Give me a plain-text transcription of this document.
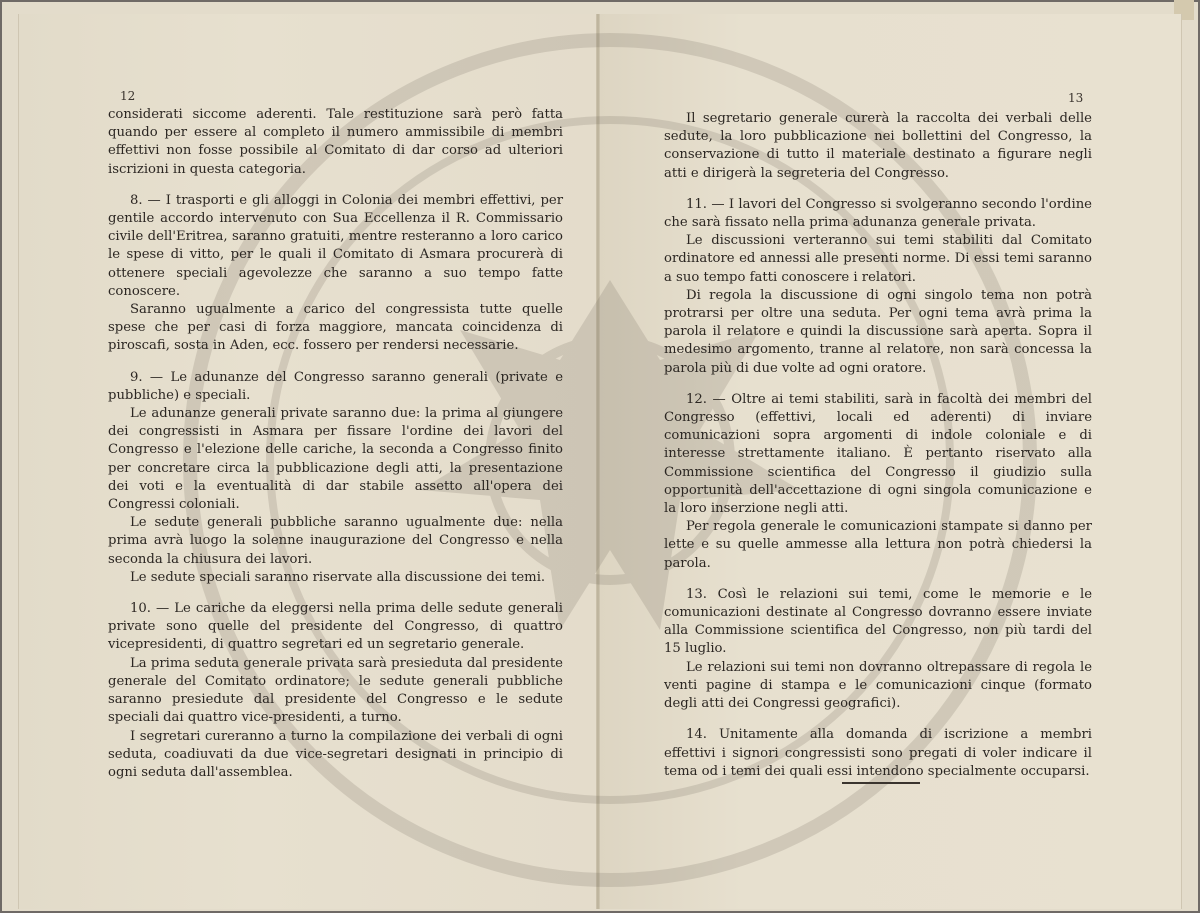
12	13

considerati siccome aderenti. Tale restituzione sarà però fatta quando per essere al completo il numero ammissibile di membri effettivi non fosse possibile al Comitato di dar corso ad ulteriori iscrizioni in questa categoria.

8. — I trasporti e gli alloggi in Colonia dei membri effettivi, per gentile accordo intervenuto con Sua Eccellenza il R. Commissario civile dell'Eritrea, saranno gratuiti, mentre resteranno a loro carico le spese di vitto, per le quali il Comitato di Asmara procurerà di ottenere speciali agevolezze che saranno a suo tempo fatte conoscere.

Saranno ugualmente a carico del congressista tutte quelle spese che per casi di forza maggiore, mancata coincidenza di piroscafi, sosta in Aden, ecc. fossero per rendersi necessarie.

9. — Le adunanze del Congresso saranno generali (private e pubbliche) e speciali.

Le adunanze generali private saranno due: la prima al giungere dei congressisti in Asmara per fissare l'ordine dei lavori del Congresso e l'elezione delle cariche, la seconda a Congresso finito per concretare circa la pubblicazione degli atti, la presentazione dei voti e la eventualità di dar stabile assetto all'opera dei Congressi coloniali.

Le sedute generali pubbliche saranno ugualmente due: nella prima avrà luogo la solenne inaugurazione del Congresso e nella seconda la chiusura dei lavori.

Le sedute speciali saranno riservate alla discussione dei temi.

10. — Le cariche da eleggersi nella prima delle sedute generali private sono quelle del presidente del Congresso, di quattro vicepresidenti, di quattro segretari ed un segretario generale.

La prima seduta generale privata sarà presieduta dal presidente generale del Comitato ordinatore; le sedute generali pubbliche saranno presiedute dal presidente del Congresso e le sedute speciali dai quattro vice-presidenti, a turno.

I segretari cureranno a turno la compilazione dei verbali di ogni seduta, coadiuvati da due vice-segretari designati in principio di ogni seduta dall'assemblea.

Il segretario generale curerà la raccolta dei verbali delle sedute, la loro pubblicazione nei bollettini del Congresso, la conservazione di tutto il materiale destinato a figurare negli atti e dirigerà la segreteria del Congresso.

11. — I lavori del Congresso si svolgeranno secondo l'ordine che sarà fissato nella prima adunanza generale privata.

Le discussioni verteranno sui temi stabiliti dal Comitato ordinatore ed annessi alle presenti norme. Di essi temi saranno a suo tempo fatti conoscere i relatori.

Di regola la discussione di ogni singolo tema non potrà protrarsi per oltre una seduta. Per ogni tema avrà prima la parola il relatore e quindi la discussione sarà aperta. Sopra il medesimo argomento, tranne al relatore, non sarà concessa la parola più di due volte ad ogni oratore.

12. — Oltre ai temi stabiliti, sarà in facoltà dei membri del Congresso (effettivi, locali ed aderenti) di inviare comunicazioni sopra argomenti di indole coloniale e di interesse strettamente italiano. È pertanto riservato alla Commissione scientifica del Congresso il giudizio sulla opportunità dell'accettazione di ogni singola comunicazione e la loro inserzione negli atti.

Per regola generale le comunicazioni stampate si danno per lette e su quelle ammesse alla lettura non potrà chiedersi la parola.

13. Così le relazioni sui temi, come le memorie e le comunicazioni destinate al Congresso dovranno essere inviate alla Commissione scientifica del Congresso, non più tardi del 15 luglio.

Le relazioni sui temi non dovranno oltrepassare di regola le venti pagine di stampa e le comunicazioni cinque (formato degli atti dei Congressi geografici).

14. Unitamente alla domanda di iscrizione a membri effettivi i signori congressisti sono pregati di voler indicare il tema od i temi dei quali essi intendono specialmente occuparsi.
